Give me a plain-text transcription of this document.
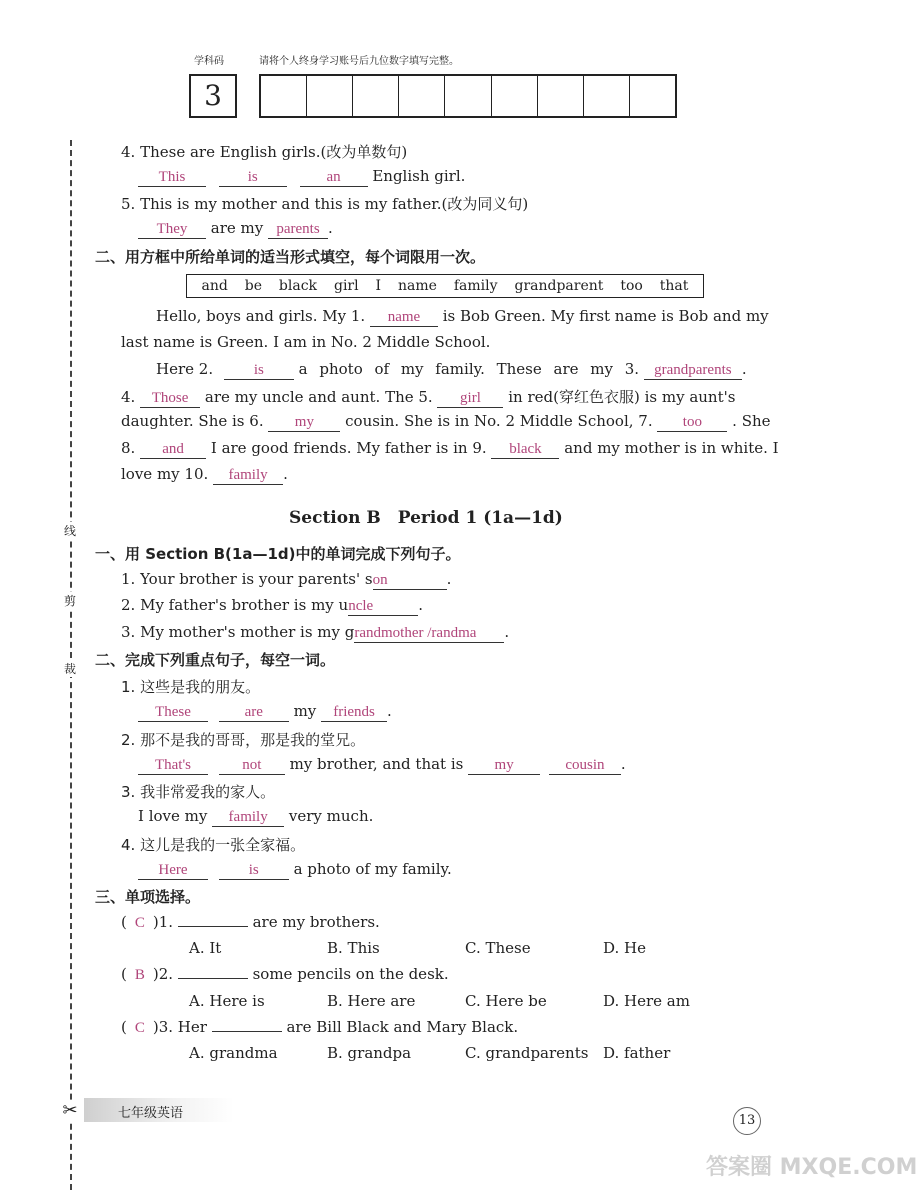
线
剪
裁
✂
学科码	请将个人终身学习账号后九位数字填写完整。
3
4. These are English girls.(改为单数句)
This	is	an English girl.
5. This is my mother and this is my father.(改为同义句)
They are my parents .
二、用方框中所给单词的适当形式填空，每个词限用一次。
and be black girl I name family grandparent too that
Hello, boys and girls. My 1. name is Bob Green. My first name is Bob and my
last name is Green. I am in No. 2 Middle School.
Here 2.	is a photo of my family. These are my 3. grandparents .
4. Those are my uncle and aunt. The 5. girl in red(穿红色衣服) is my aunt's
daughter. She is 6. my cousin. She is in No. 2 Middle School, 7. too . She
8. and I are good friends. My father is in 9. black and my mother is in white. I
love my 10. family .
Section B　Period 1 (1a—1d)
一、用 Section B(1a—1d)中的单词完成下列句子。
1. Your brother is your parents' son	.
2. My father's brother is my uncle	.
3. My mother's mother is my grandmother /randma .
二、完成下列重点句子，每空一词。
1. 这些是我的朋友。
These	are my friends .
2. 那不是我的哥哥，那是我的堂兄。
That's	not my brother, and that is my	cousin .
3. 我非常爱我的家人。
I love my family very much.
4. 这儿是我的一张全家福。
Here	is a photo of my family.
三、单项选择。
( C )1.	are my brothers.
A. It	B. This	C. These	D. He
( B )2.	some pencils on the desk.
A. Here is	B. Here are	C. Here be	D. Here am
( C )3. Her	are Bill Black and Mary Black.
A. grandma	B. grandpa	C. grandparents D. father
七年级英语	13
答案圈 MXQE.COM
